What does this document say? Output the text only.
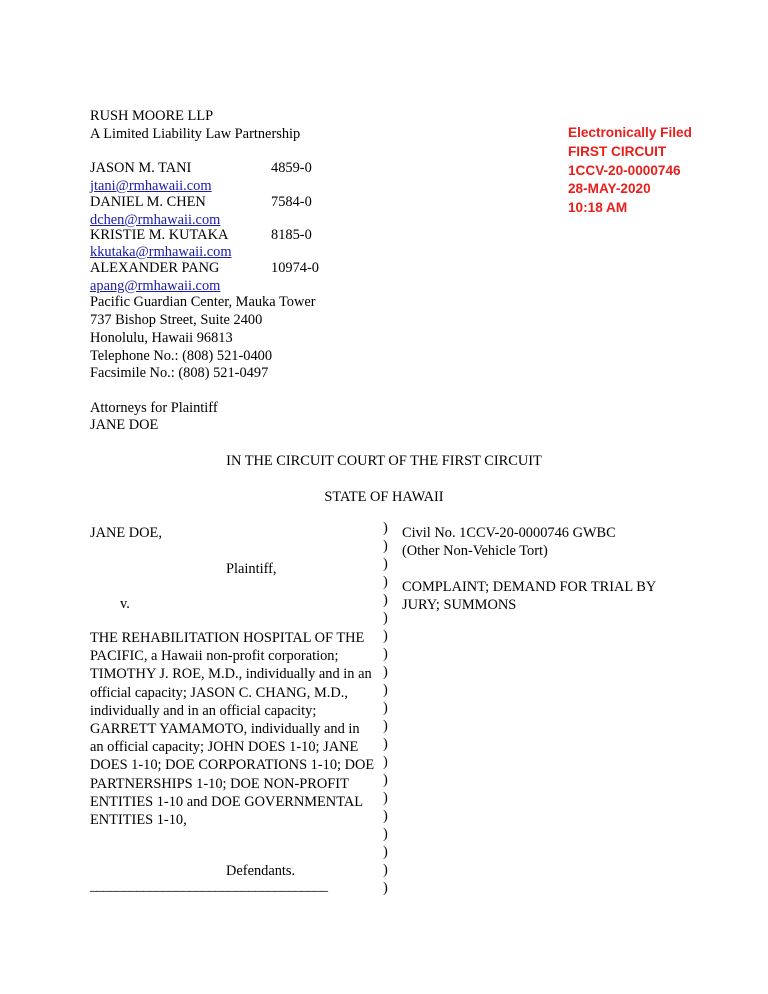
RUSH MOORE LLP
A Limited Liability Law Partnership
JASON M. TANI	4859-0
jtani@rmhawaii.com
DANIEL M. CHEN	7584-0
dchen@rmhawaii.com
KRISTIE M. KUTAKA	8185-0
kkutaka@rmhawaii.com
ALEXANDER PANG	10974-0
apang@rmhawaii.com
Pacific Guardian Center, Mauka Tower
737 Bishop Street, Suite 2400
Honolulu, Hawaii 96813
Telephone No.: (808) 521-0400
Facsimile No.: (808) 521-0497
Attorneys for Plaintiff
JANE DOE
Electronically Filed
FIRST CIRCUIT
1CCV-20-0000746
28-MAY-2020
10:18 AM
IN THE CIRCUIT COURT OF THE FIRST CIRCUIT
STATE OF HAWAII
JANE DOE,
Plaintiff,
v.
THE REHABILITATION HOSPITAL OF THE PACIFIC, a Hawaii non-profit corporation; TIMOTHY J. ROE, M.D., individually and in an official capacity; JASON C. CHANG, M.D., individually and in an official capacity; GARRETT YAMAMOTO, individually and in an official capacity; JOHN DOES 1-10; JANE DOES 1-10; DOE CORPORATIONS 1-10; DOE PARTNERSHIPS 1-10; DOE NON-PROFIT ENTITIES 1-10 and DOE GOVERNMENTAL ENTITIES 1-10,
Defendants.
____________________________________
)
)
)
)
)
)
)
)
)
)
)
)
)
)
)
)
)
)
)
)
)
Civil No. 1CCV-20-0000746 GWBC
(Other Non-Vehicle Tort)
COMPLAINT; DEMAND FOR TRIAL BY
JURY; SUMMONS
